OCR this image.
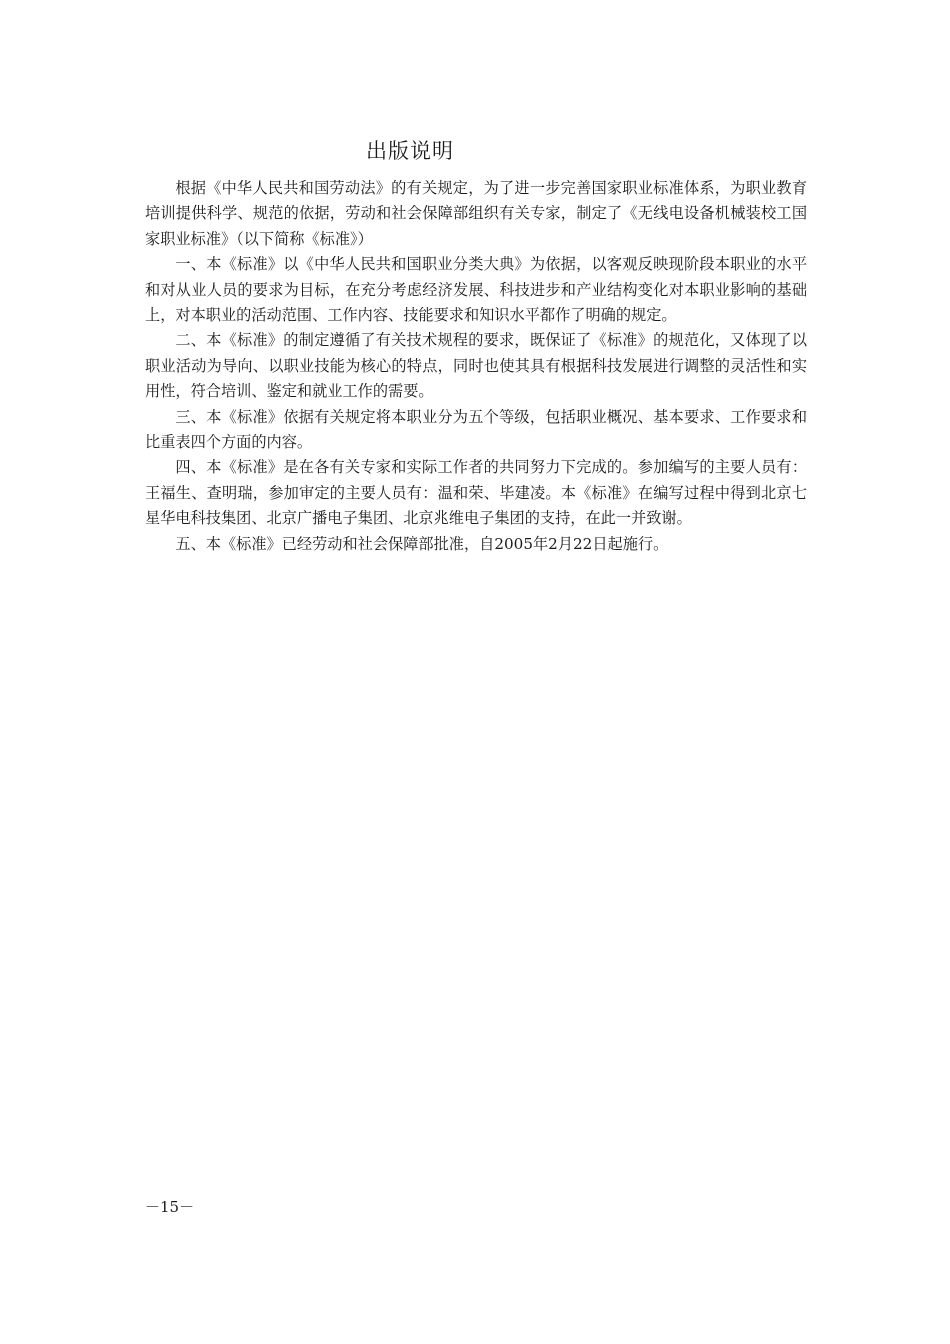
出版说明

根据《中华人民共和国劳动法》的有关规定，为了进一步完善国家职业标准体系，为职业教育培训提供科学、规范的依据，劳动和社会保障部组织有关专家，制定了《无线电设备机械装校工国家职业标准》（以下简称《标准》）

一、本《标准》以《中华人民共和国职业分类大典》为依据，以客观反映现阶段本职业的水平和对从业人员的要求为目标，在充分考虑经济发展、科技进步和产业结构变化对本职业影响的基础上，对本职业的活动范围、工作内容、技能要求和知识水平都作了明确的规定。

二、本《标准》的制定遵循了有关技术规程的要求，既保证了《标准》的规范化，又体现了以职业活动为导向、以职业技能为核心的特点，同时也使其具有根据科技发展进行调整的灵活性和实用性，符合培训、鉴定和就业工作的需要。

三、本《标准》依据有关规定将本职业分为五个等级，包括职业概况、基本要求、工作要求和比重表四个方面的内容。

四、本《标准》是在各有关专家和实际工作者的共同努力下完成的。参加编写的主要人员有：王福生、查明瑞，参加审定的主要人员有：温和荣、毕建凌。本《标准》在编写过程中得到北京七星华电科技集团、北京广播电子集团、北京兆维电子集团的支持，在此一并致谢。

五、本《标准》已经劳动和社会保障部批准，自2005年2月22日起施行。

－15－
